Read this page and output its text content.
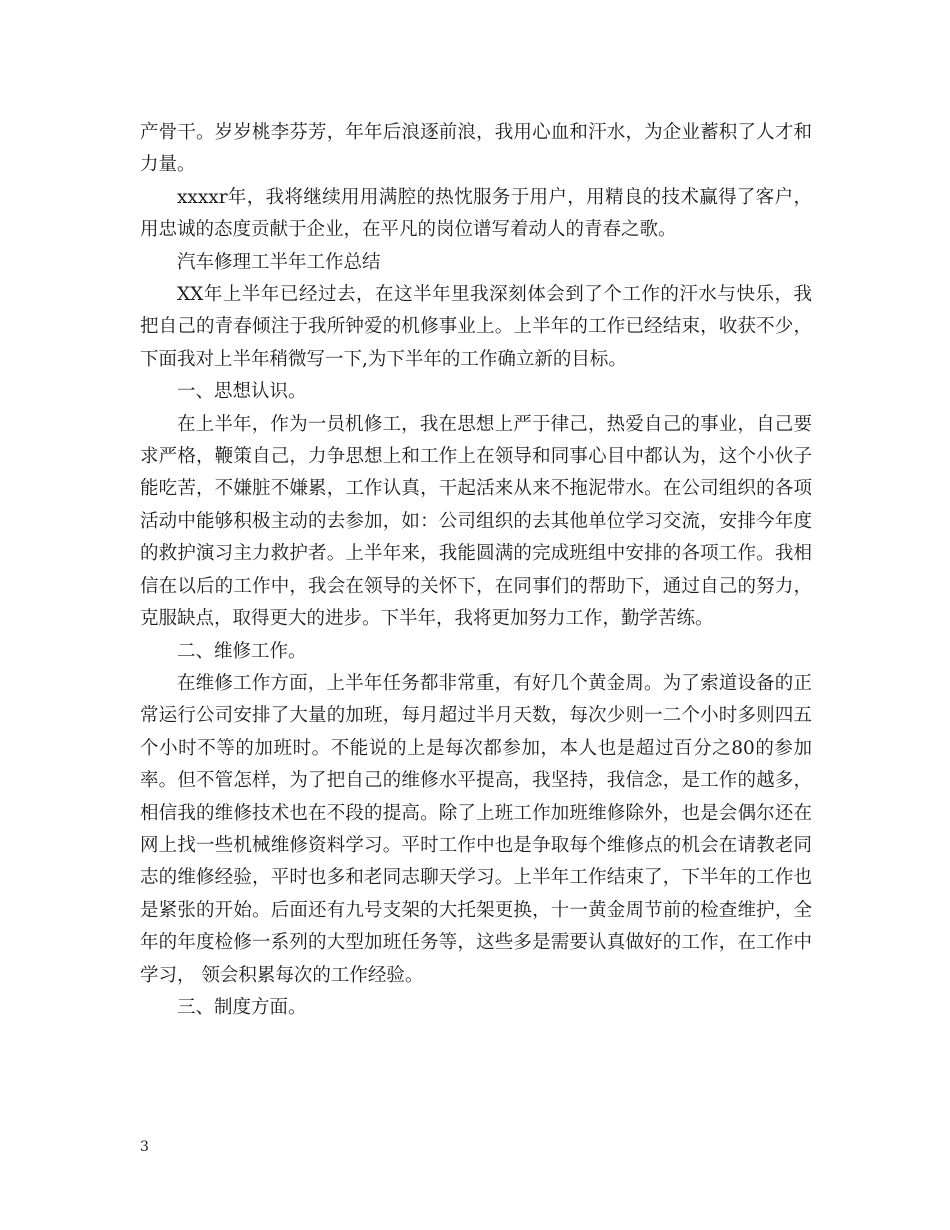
产骨干。岁岁桃李芬芳，年年后浪逐前浪，我用心血和汗水，为企业蓄积了人才和力量。

xxxxr年，我将继续用用满腔的热忱服务于用户，用精良的技术赢得了客户，用忠诚的态度贡献于企业，在平凡的岗位谱写着动人的青春之歌。

汽车修理工半年工作总结

XX年上半年已经过去，在这半年里我深刻体会到了个工作的汗水与快乐，我把自己的青春倾注于我所钟爱的机修事业上。上半年的工作已经结束，收获不少，下面我对上半年稍微写一下,为下半年的工作确立新的目标。

一、思想认识。

在上半年，作为一员机修工，我在思想上严于律己，热爱自己的事业，自己要求严格，鞭策自己，力争思想上和工作上在领导和同事心目中都认为，这个小伙子能吃苦，不嫌脏不嫌累，工作认真，干起活来从来不拖泥带水。在公司组织的各项活动中能够积极主动的去参加，如：公司组织的去其他单位学习交流，安排今年度的救护演习主力救护者。上半年来，我能圆满的完成班组中安排的各项工作。我相信在以后的工作中，我会在领导的关怀下，在同事们的帮助下，通过自己的努力，克服缺点，取得更大的进步。下半年，我将更加努力工作，勤学苦练。

二、维修工作。

在维修工作方面，上半年任务都非常重，有好几个黄金周。为了索道设备的正常运行公司安排了大量的加班，每月超过半月天数，每次少则一二个小时多则四五个小时不等的加班时。不能说的上是每次都参加，本人也是超过百分之80的参加率。但不管怎样，为了把自己的维修水平提高，我坚持，我信念，是工作的越多，相信我的维修技术也在不段的提高。除了上班工作加班维修除外，也是会偶尔还在网上找一些机械维修资料学习。平时工作中也是争取每个维修点的机会在请教老同志的维修经验，平时也多和老同志聊天学习。上半年工作结束了，下半年的工作也是紧张的开始。后面还有九号支架的大托架更换，十一黄金周节前的检查维护，全年的年度检修一系列的大型加班任务等，这些多是需要认真做好的工作，在工作中学习， 领会积累每次的工作经验。

三、制度方面。

3
